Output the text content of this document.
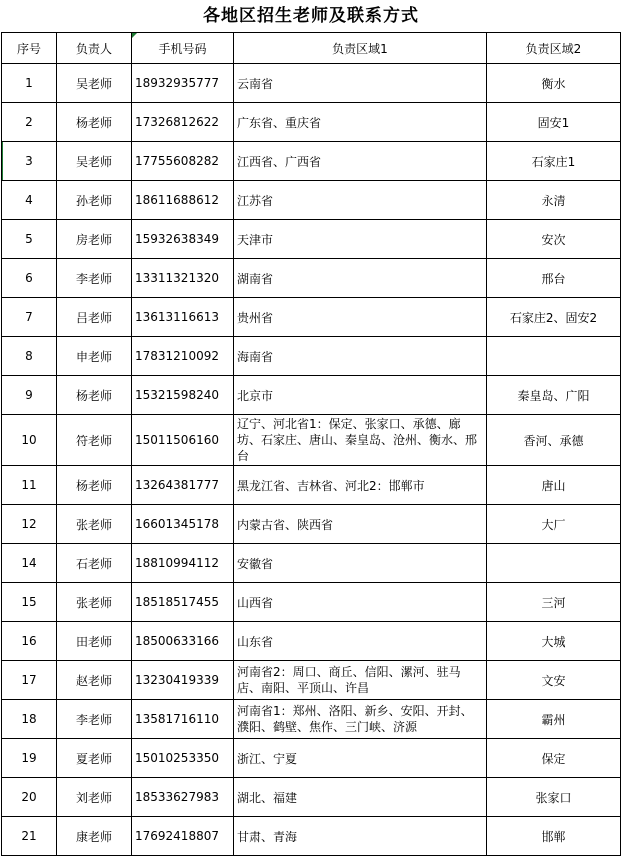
各地区招生老师及联系方式
序号	负责人	手机号码	负责区域1	负责区域2
1	吴老师	18932935777	云南省	衡水
2	杨老师	17326812622	广东省、重庆省	固安1
3	吴老师	17755608282	江西省、广西省	石家庄1
4	孙老师	18611688612	江苏省	永清
5	房老师	15932638349	天津市	安次
6	李老师	13311321320	湖南省	邢台
7	吕老师	13613116613	贵州省	石家庄2、固安2
8	申老师	17831210092	海南省	
9	杨老师	15321598240	北京市	秦皇岛、广阳
10	符老师	15011506160	辽宁、河北省1：保定、张家口、承德、廊坊、石家庄、唐山、秦皇岛、沧州、衡水、邢台	香河、承德
11	杨老师	13264381777	黑龙江省、吉林省、河北2：邯郸市	唐山
12	张老师	16601345178	内蒙古省、陕西省	大厂
14	石老师	18810994112	安徽省	
15	张老师	18518517455	山西省	三河
16	田老师	18500633166	山东省	大城
17	赵老师	13230419339	河南省2：周口、商丘、信阳、漯河、驻马店、南阳、平顶山、许昌	文安
18	李老师	13581716110	河南省1：郑州、洛阳、新乡、安阳、开封、濮阳、鹤壁、焦作、三门峡、济源	霸州
19	夏老师	15010253350	浙江、宁夏	保定
20	刘老师	18533627983	湖北、福建	张家口
21	康老师	17692418807	甘肃、青海	邯郸
